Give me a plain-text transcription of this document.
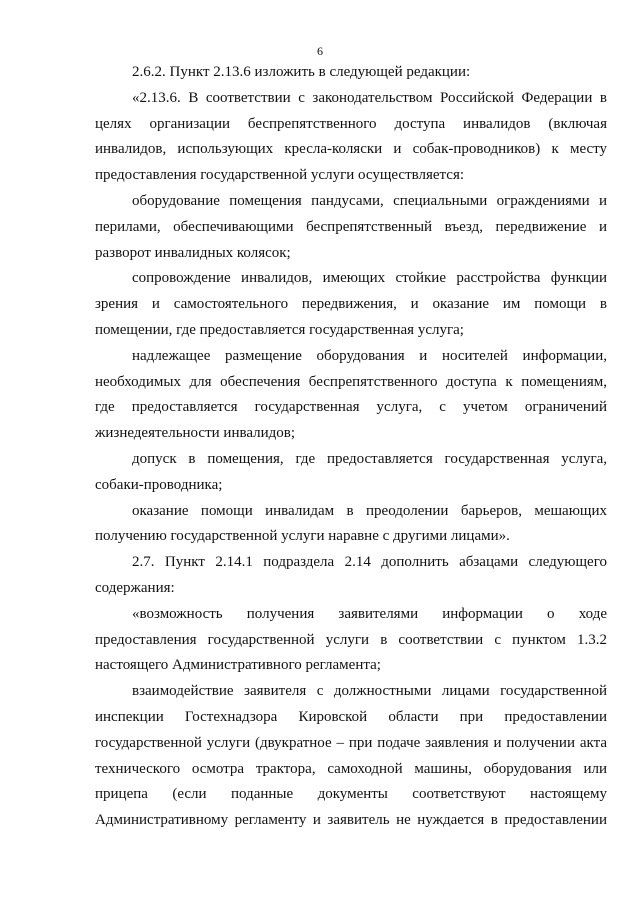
6
2.6.2. Пункт 2.13.6 изложить в следующей редакции:
«2.13.6. В соответствии с законодательством Российской Федерации в
целях организации беспрепятственного доступа инвалидов (включая
инвалидов, использующих кресла-коляски и собак-проводников) к месту
предоставления государственной услуги осуществляется:
оборудование помещения пандусами, специальными ограждениями и
перилами, обеспечивающими беспрепятственный въезд, передвижение и
разворот инвалидных колясок;
сопровождение инвалидов, имеющих стойкие расстройства функции
зрения и самостоятельного передвижения, и оказание им помощи в
помещении, где предоставляется государственная услуга;
надлежащее размещение оборудования и носителей информации,
необходимых для обеспечения беспрепятственного доступа к помещениям,
где предоставляется государственная услуга, с учетом ограничений
жизнедеятельности инвалидов;
допуск в помещения, где предоставляется государственная услуга,
собаки-проводника;
оказание помощи инвалидам в преодолении барьеров, мешающих
получению государственной услуги наравне с другими лицами».
2.7. Пункт 2.14.1 подраздела 2.14 дополнить абзацами следующего
содержания:
«возможность получения заявителями информации о ходе
предоставления государственной услуги в соответствии с пунктом 1.3.2
настоящего Административного регламента;
взаимодействие заявителя с должностными лицами государственной
инспекции Гостехнадзора Кировской области при предоставлении
государственной услуги (двукратное – при подаче заявления и получении акта
технического осмотра трактора, самоходной машины, оборудования или
прицепа (если поданные документы соответствуют настоящему
Административному регламенту и заявитель не нуждается в предоставлении
